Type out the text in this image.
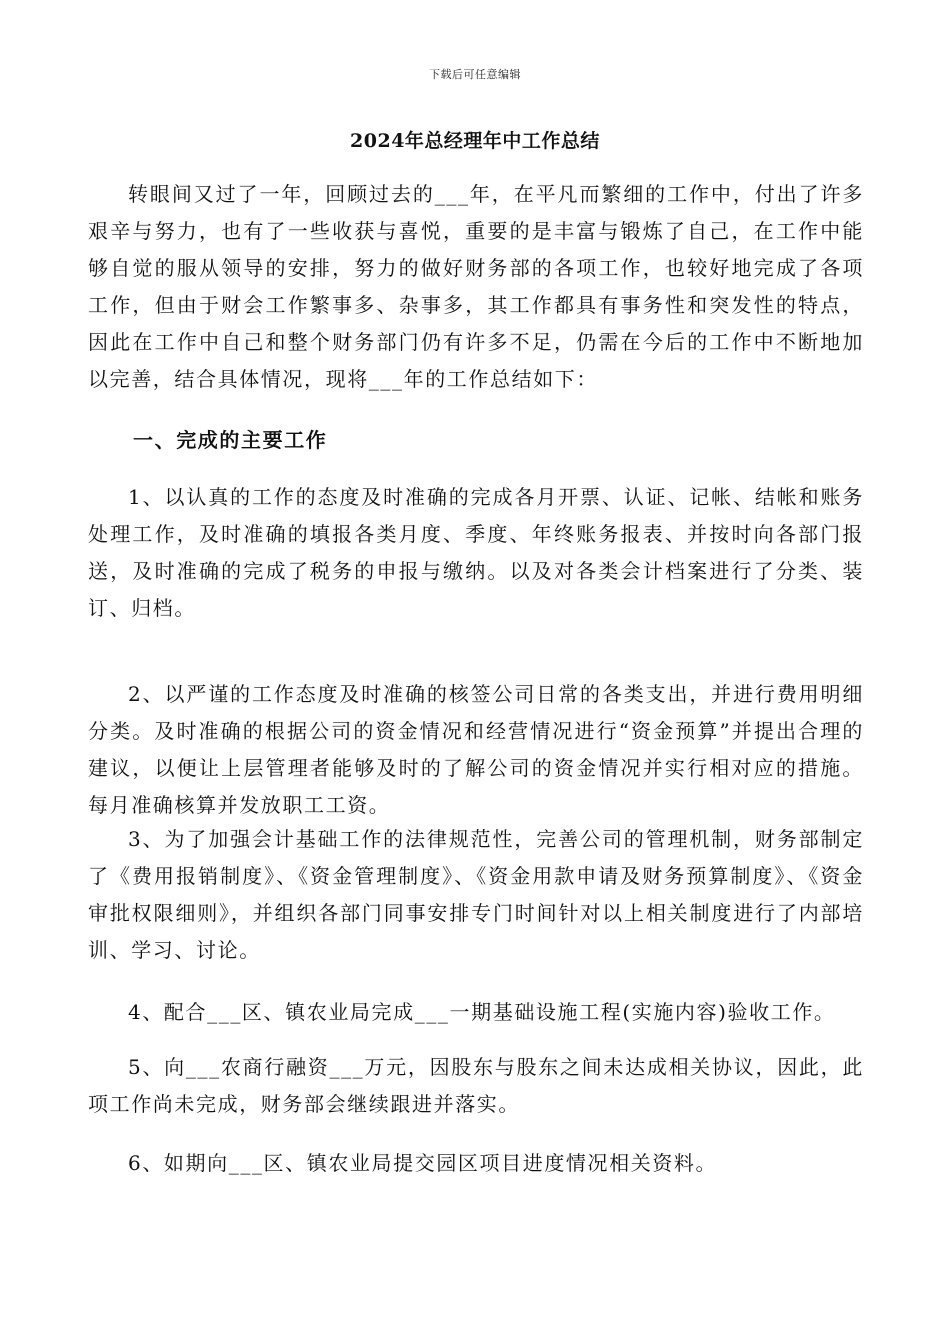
下载后可任意编辑
2024年总经理年中工作总结

转眼间又过了一年，回顾过去的___年，在平凡而繁细的工作中，付出了许多艰辛与努力，也有了一些收获与喜悦，重要的是丰富与锻炼了自己，在工作中能够自觉的服从领导的安排，努力的做好财务部的各项工作，也较好地完成了各项工作，但由于财会工作繁事多、杂事多，其工作都具有事务性和突发性的特点，因此在工作中自己和整个财务部门仍有许多不足，仍需在今后的工作中不断地加以完善，结合具体情况，现将___年的工作总结如下：

一、完成的主要工作

1、以认真的工作的态度及时准确的完成各月开票、认证、记帐、结帐和账务处理工作，及时准确的填报各类月度、季度、年终账务报表、并按时向各部门报送，及时准确的完成了税务的申报与缴纳。以及对各类会计档案进行了分类、装订、归档。

2、以严谨的工作态度及时准确的核签公司日常的各类支出，并进行费用明细分类。及时准确的根据公司的资金情况和经营情况进行“资金预算”并提出合理的建议，以便让上层管理者能够及时的了解公司的资金情况并实行相对应的措施。每月准确核算并发放职工工资。

3、为了加强会计基础工作的法律规范性，完善公司的管理机制，财务部制定了《费用报销制度》、《资金管理制度》、《资金用款申请及财务预算制度》、《资金审批权限细则》，并组织各部门同事安排专门时间针对以上相关制度进行了内部培训、学习、讨论。

4、配合___区、镇农业局完成___一期基础设施工程(实施内容)验收工作。

5、向___农商行融资___万元，因股东与股东之间未达成相关协议，因此，此项工作尚未完成，财务部会继续跟进并落实。

6、如期向___区、镇农业局提交园区项目进度情况相关资料。
